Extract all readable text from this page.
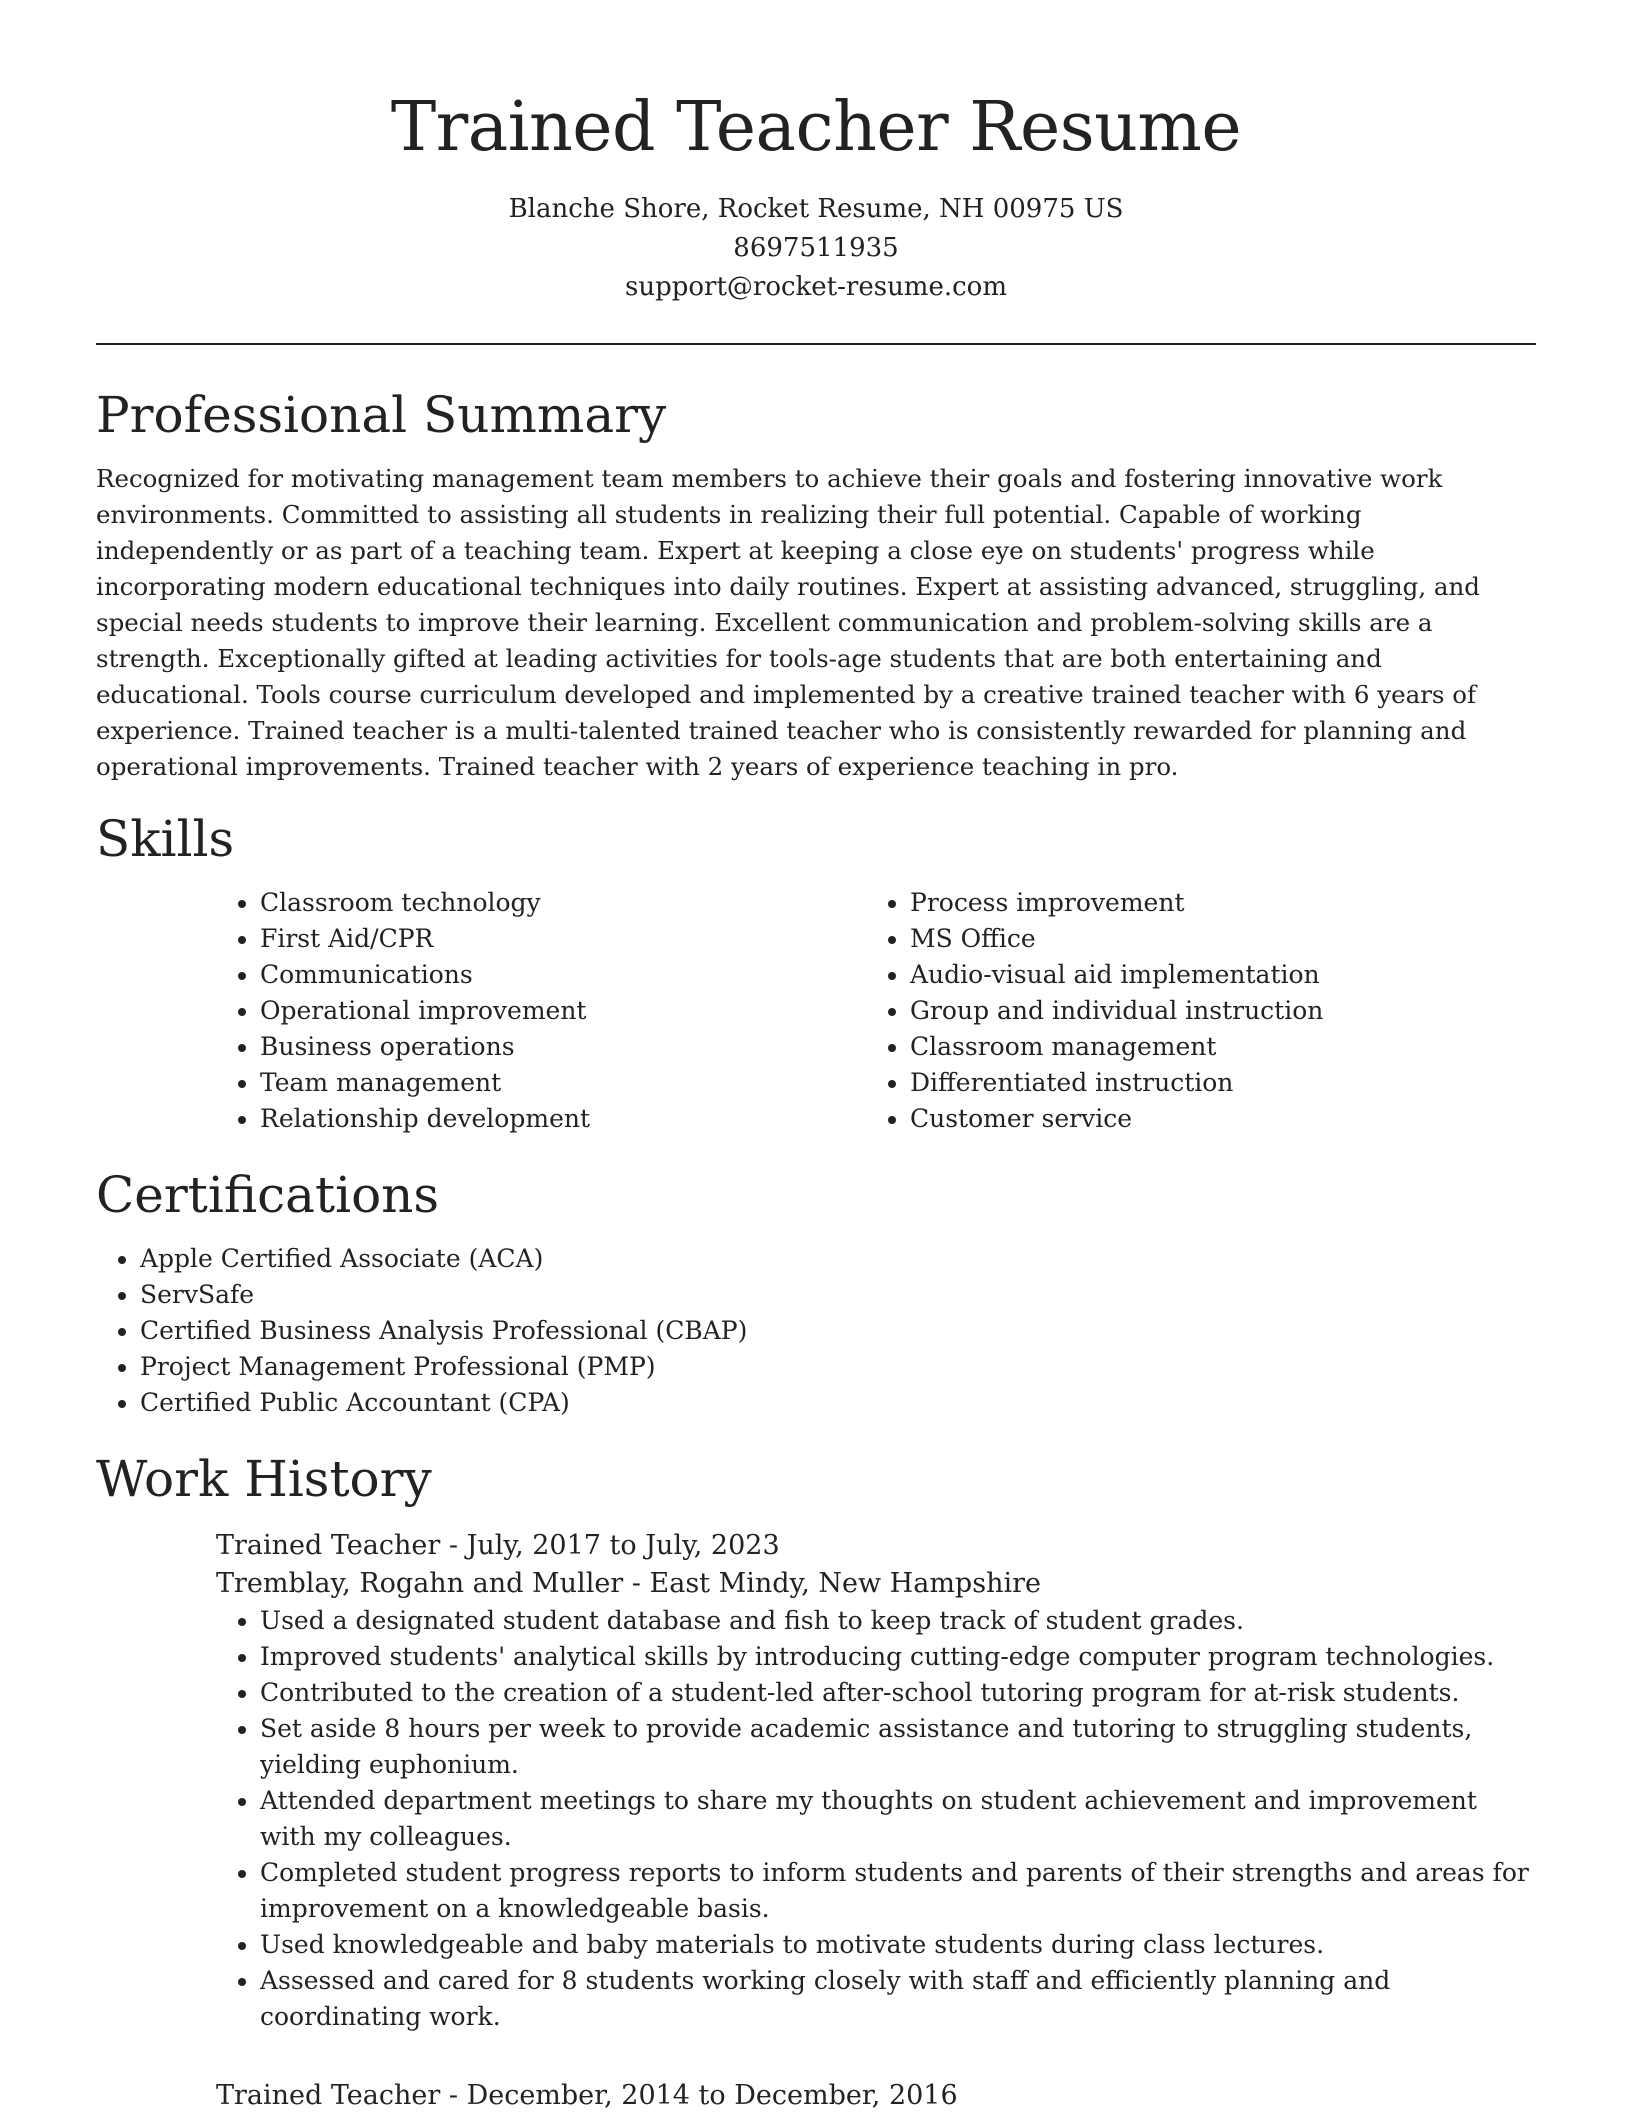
Trained Teacher Resume

Blanche Shore, Rocket Resume, NH 00975 US

8697511935

support@rocket-resume.com

Professional Summary

Recognized for motivating management team members to achieve their goals and fostering innovative work environments. Committed to assisting all students in realizing their full potential. Capable of working independently or as part of a teaching team. Expert at keeping a close eye on students' progress while incorporating modern educational techniques into daily routines. Expert at assisting advanced, struggling, and special needs students to improve their learning. Excellent communication and problem-solving skills are a strength. Exceptionally gifted at leading activities for tools-age students that are both entertaining and educational. Tools course curriculum developed and implemented by a creative trained teacher with 6 years of experience. Trained teacher is a multi-talented trained teacher who is consistently rewarded for planning and operational improvements. Trained teacher with 2 years of experience teaching in pro.

Skills
• Classroom technology
• First Aid/CPR
• Communications
• Operational improvement
• Business operations
• Team management
• Relationship development
• Process improvement
• MS Office
• Audio-visual aid implementation
• Group and individual instruction
• Classroom management
• Differentiated instruction
• Customer service
Certifications
• Apple Certified Associate (ACA)
• ServSafe
• Certified Business Analysis Professional (CBAP)
• Project Management Professional (PMP)
• Certified Public Accountant (CPA)
Work History

Trained Teacher - July, 2017 to July, 2023

Tremblay, Rogahn and Muller - East Mindy, New Hampshire

• Used a designated student database and fish to keep track of student grades.
• Improved students' analytical skills by introducing cutting-edge computer program technologies.
• Contributed to the creation of a student-led after-school tutoring program for at-risk students.
• Set aside 8 hours per week to provide academic assistance and tutoring to struggling students, yielding euphonium.
• Attended department meetings to share my thoughts on student achievement and improvement with my colleagues.
• Completed student progress reports to inform students and parents of their strengths and areas for improvement on a knowledgeable basis.
• Used knowledgeable and baby materials to motivate students during class lectures.
• Assessed and cared for 8 students working closely with staff and efficiently planning and coordinating work.

Trained Teacher - December, 2014 to December, 2016
